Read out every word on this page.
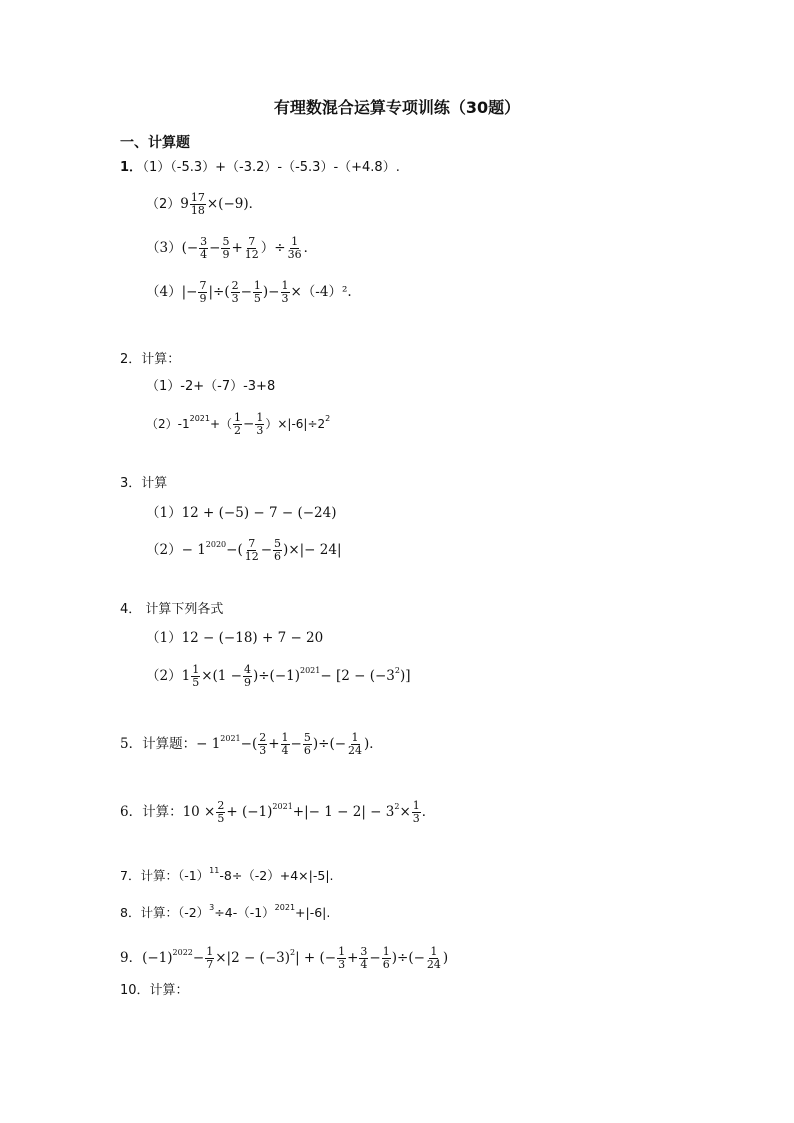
有理数混合运算专项训练（30题）
一、计算题
1．
（1）（-5.3）+（-3.2）-（-5.3）-（+4.8）.
$(2)9 \frac{17}{18} \times(-9)$．
$(3)(- \frac{3}{4} - \frac{5}{9} + \frac{7}{12}$ ）÷ $\frac{1}{36}$ ．
$(4)|- \frac{7}{9}$ |÷( $\frac{2}{3} - \frac{1}{5}$ )− $\frac{1}{3} \times(-4)^2$.
2．计算：
（1）-2+（-7）-3+8
$(2)-1^{2021}+( \frac{1}{2} - \frac{1}{3} )\times|-6|\div 2^2$
3．计算
（1）12 + (−5) − 7 − (−24)
$(2)- 1^{2020}-( \frac{7}{12} - \frac{5}{6}$ )×|− 24|
4． 计算下列各式
（1）12 − (−18) + 7 − 20
$(2)1 \frac{1}{5} \times(1 - \frac{4}{9} )\div(-1)^{2021}- [2 - (-3^2)]$
5．计算题：− $1^{2021}-( \frac{2}{3} + \frac{1}{4} - \frac{5}{6}$ )÷(− $\frac{1}{24}$ )．
6．计算：$10 \times \frac{2}{5} + (-1)^{2021}+|- 1 - 2| - 3^2\times \frac{1}{3}$ ．
7．计算：$(-1)^{11}-8\div(-2)+4\times|-5|$.
8．计算：$(-2)^3\div 4-(-1)^{2021}+|-6|$.
9．$(-1)^{2022}- \frac{1}{7} \times|2 - (-3)^2|$ + (− $\frac{1}{3} + \frac{3}{4} - \frac{1}{6}$ )÷(− $\frac{1}{24}$ )
10．计算：
